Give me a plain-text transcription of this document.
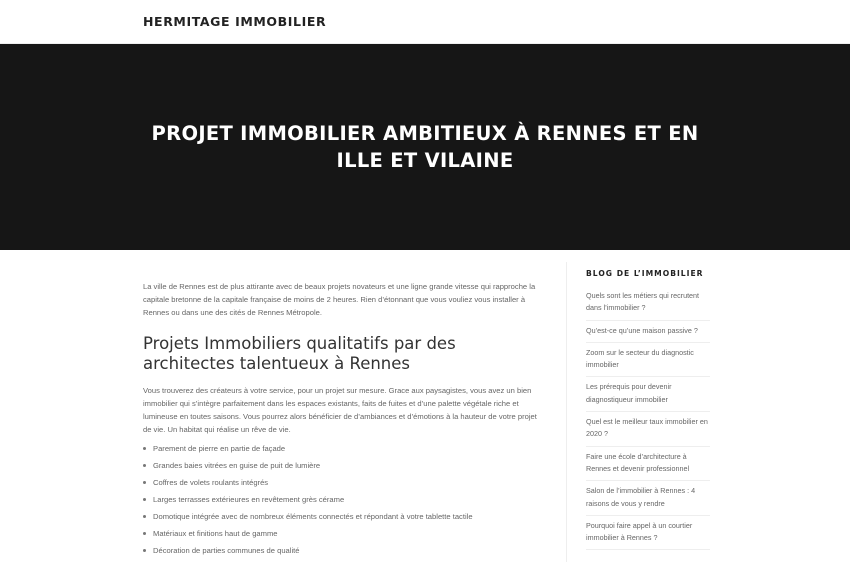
HERMITAGE IMMOBILIER
PROJET IMMOBILIER AMBITIEUX À RENNES ET EN ILLE ET VILAINE

La ville de Rennes est de plus attirante avec de beaux projets novateurs et une ligne grande vitesse qui rapproche la capitale bretonne de la capitale française de moins de 2 heures. Rien d’étonnant que vous vouliez vous installer à Rennes ou dans une des cités de Rennes Métropole.

Projets Immobiliers qualitatifs par des architectes talentueux à Rennes

Vous trouverez des créateurs à votre service, pour un projet sur mesure. Grace aux paysagistes, vous avez un bien immobilier qui s’intègre parfaitement dans les espaces existants, faits de fuites et d’une palette végétale riche et lumineuse en toutes saisons. Vous pourrez alors bénéficier de d’ambiances et d’émotions à la hauteur de votre projet de vie. Un habitat qui réalise un rêve de vie.

Parement de pierre en partie de façade
Grandes baies vitrées en guise de puit de lumière
Coffres de volets roulants intégrés
Larges terrasses extérieures en revêtement grès cérame
Domotique intégrée avec de nombreux éléments connectés et répondant à votre tablette tactile
Matériaux et finitions haut de gamme
Décoration de parties communes de qualité
BLOG DE L’IMMOBILIER
Quels sont les métiers qui recrutent dans l’immobilier ?
Qu’est-ce qu’une maison passive ?
Zoom sur le secteur du diagnostic immobilier
Les prérequis pour devenir diagnostiqueur immobilier
Quel est le meilleur taux immobilier en 2020 ?
Faire une école d’architecture à Rennes et devenir professionnel
Salon de l’immobilier à Rennes : 4 raisons de vous y rendre
Pourquoi faire appel à un courtier immobilier à Rennes ?
